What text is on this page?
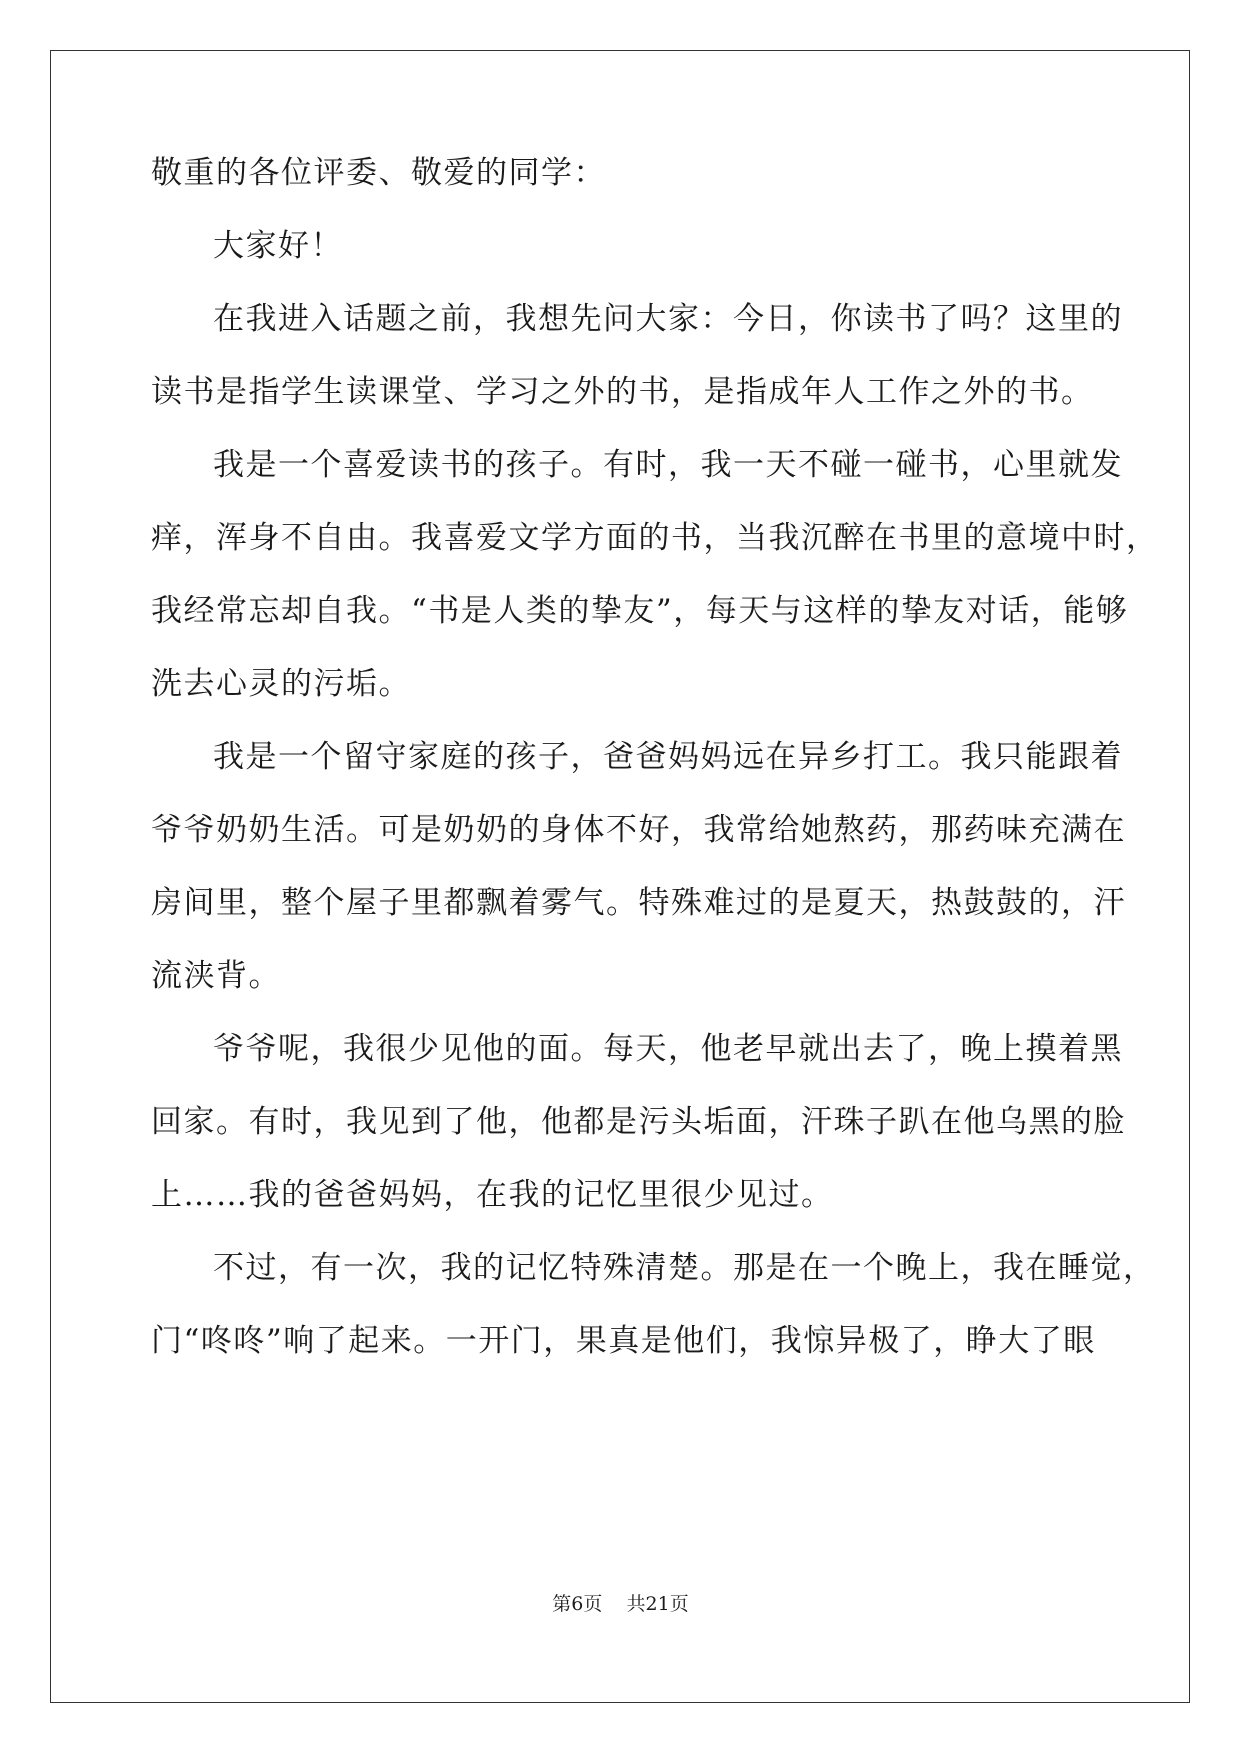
敬重的各位评委、敬爱的同学：
大家好！
在我进入话题之前，我想先问大家：今日，你读书了吗？这里的
读书是指学生读课堂、学习之外的书，是指成年人工作之外的书。
我是一个喜爱读书的孩子。有时，我一天不碰一碰书，心里就发
痒，浑身不自由。我喜爱文学方面的书，当我沉醉在书里的意境中时，
我经常忘却自我。“书是人类的挚友”，每天与这样的挚友对话，能够
洗去心灵的污垢。
我是一个留守家庭的孩子，爸爸妈妈远在异乡打工。我只能跟着
爷爷奶奶生活。可是奶奶的身体不好，我常给她熬药，那药味充满在
房间里，整个屋子里都飘着雾气。特殊难过的是夏天，热鼓鼓的，汗
流浃背。
爷爷呢，我很少见他的面。每天，他老早就出去了，晚上摸着黑
回家。有时，我见到了他，他都是污头垢面，汗珠子趴在他乌黑的脸
上……我的爸爸妈妈，在我的记忆里很少见过。
不过，有一次，我的记忆特殊清楚。那是在一个晚上，我在睡觉，
门“咚咚”响了起来。一开门，果真是他们，我惊异极了，睁大了眼
第6页    共21页
